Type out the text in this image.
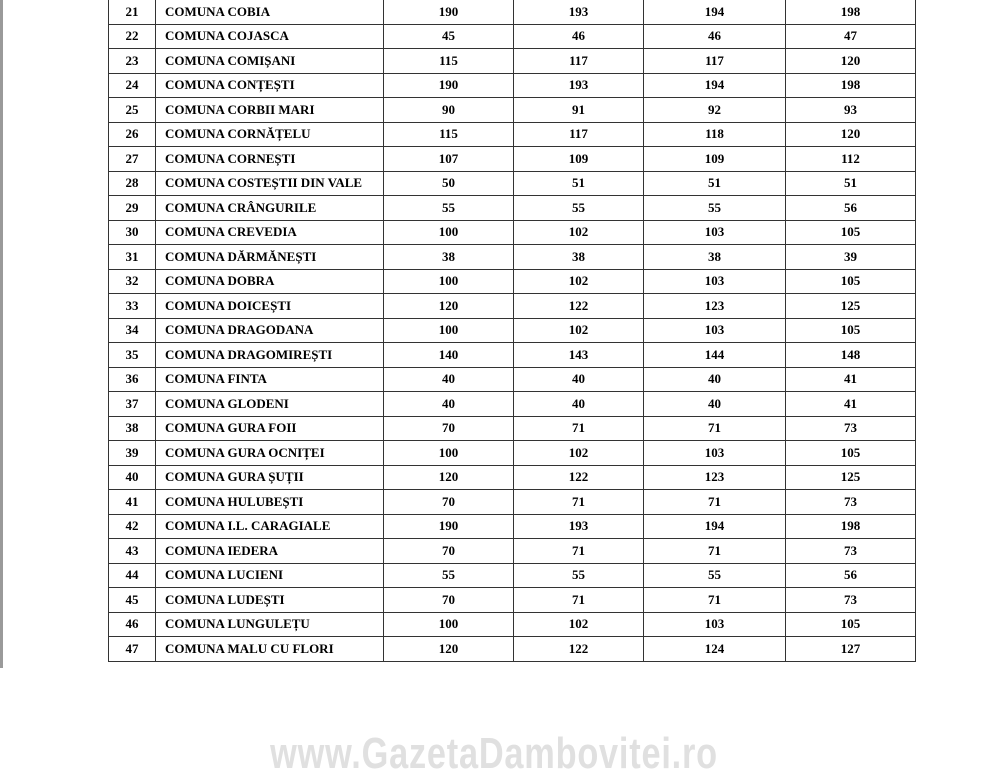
21	COMUNA COBIA	190	193	194	198
22	COMUNA COJASCA	45	46	46	47
23	COMUNA COMIȘANI	115	117	117	120
24	COMUNA CONȚEȘTI	190	193	194	198
25	COMUNA CORBII MARI	90	91	92	93
26	COMUNA CORNĂȚELU	115	117	118	120
27	COMUNA CORNEȘTI	107	109	109	112
28	COMUNA COSTEȘTII DIN VALE	50	51	51	51
29	COMUNA CRÂNGURILE	55	55	55	56
30	COMUNA CREVEDIA	100	102	103	105
31	COMUNA DĂRMĂNEȘTI	38	38	38	39
32	COMUNA DOBRA	100	102	103	105
33	COMUNA DOICEȘTI	120	122	123	125
34	COMUNA DRAGODANA	100	102	103	105
35	COMUNA DRAGOMIREȘTI	140	143	144	148
36	COMUNA FINTA	40	40	40	41
37	COMUNA GLODENI	40	40	40	41
38	COMUNA GURA FOII	70	71	71	73
39	COMUNA GURA OCNIȚEI	100	102	103	105
40	COMUNA GURA ȘUȚII	120	122	123	125
41	COMUNA HULUBEȘTI	70	71	71	73
42	COMUNA I.L. CARAGIALE	190	193	194	198
43	COMUNA IEDERA	70	71	71	73
44	COMUNA LUCIENI	55	55	55	56
45	COMUNA LUDEȘTI	70	71	71	73
46	COMUNA LUNGULEȚU	100	102	103	105
47	COMUNA MALU CU FLORI	120	122	124	127
www.GazetaDambovitei.ro
